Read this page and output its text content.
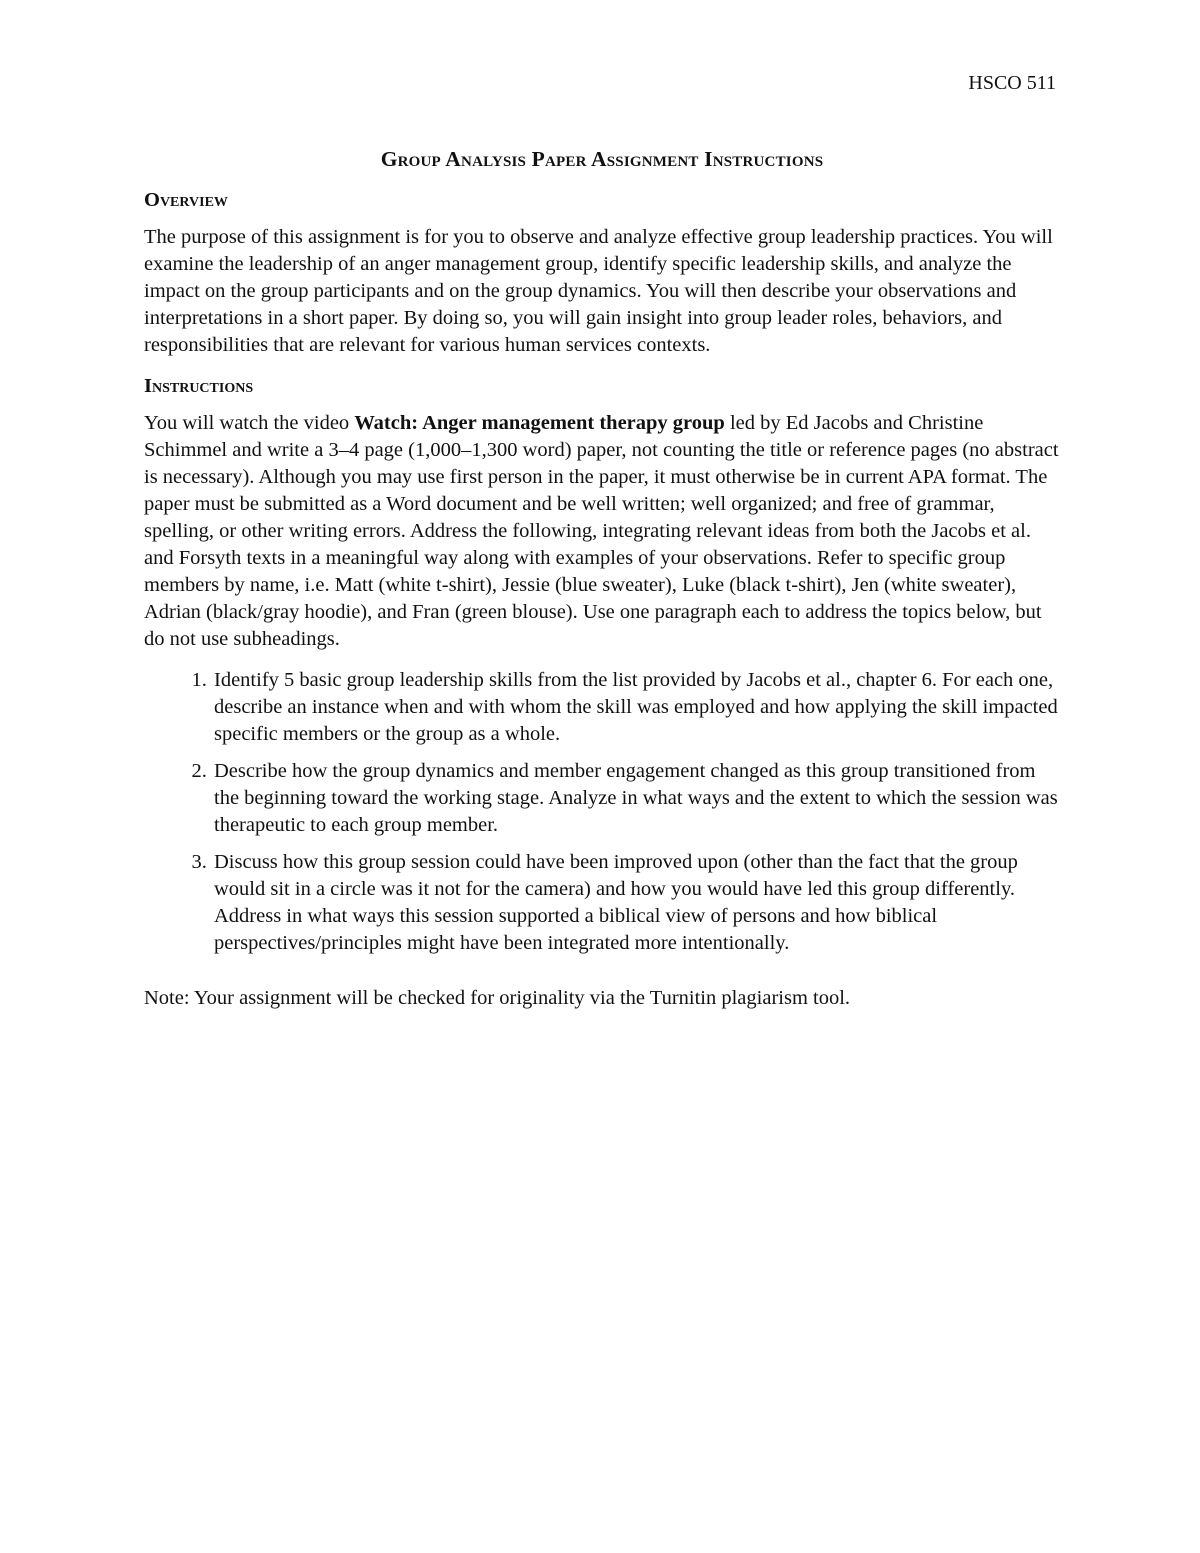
HSCO 511
Group Analysis Paper Assignment Instructions
Overview

The purpose of this assignment is for you to observe and analyze effective group leadership practices. You will examine the leadership of an anger management group, identify specific leadership skills, and analyze the impact on the group participants and on the group dynamics. You will then describe your observations and interpretations in a short paper. By doing so, you will gain insight into group leader roles, behaviors, and responsibilities that are relevant for various human services contexts.

Instructions

You will watch the video Watch: Anger management therapy group led by Ed Jacobs and Christine Schimmel and write a 3–4 page (1,000–1,300 word) paper, not counting the title or reference pages (no abstract is necessary). Although you may use first person in the paper, it must otherwise be in current APA format. The paper must be submitted as a Word document and be well written; well organized; and free of grammar, spelling, or other writing errors. Address the following, integrating relevant ideas from both the Jacobs et al. and Forsyth texts in a meaningful way along with examples of your observations. Refer to specific group members by name, i.e. Matt (white t-shirt), Jessie (blue sweater), Luke (black t-shirt), Jen (white sweater), Adrian (black/gray hoodie), and Fran (green blouse). Use one paragraph each to address the topics below, but do not use subheadings.

1. Identify 5 basic group leadership skills from the list provided by Jacobs et al., chapter 6. For each one, describe an instance when and with whom the skill was employed and how applying the skill impacted specific members or the group as a whole.
2. Describe how the group dynamics and member engagement changed as this group transitioned from the beginning toward the working stage. Analyze in what ways and the extent to which the session was therapeutic to each group member.
3. Discuss how this group session could have been improved upon (other than the fact that the group would sit in a circle was it not for the camera) and how you would have led this group differently. Address in what ways this session supported a biblical view of persons and how biblical perspectives/principles might have been integrated more intentionally.

Note: Your assignment will be checked for originality via the Turnitin plagiarism tool.
